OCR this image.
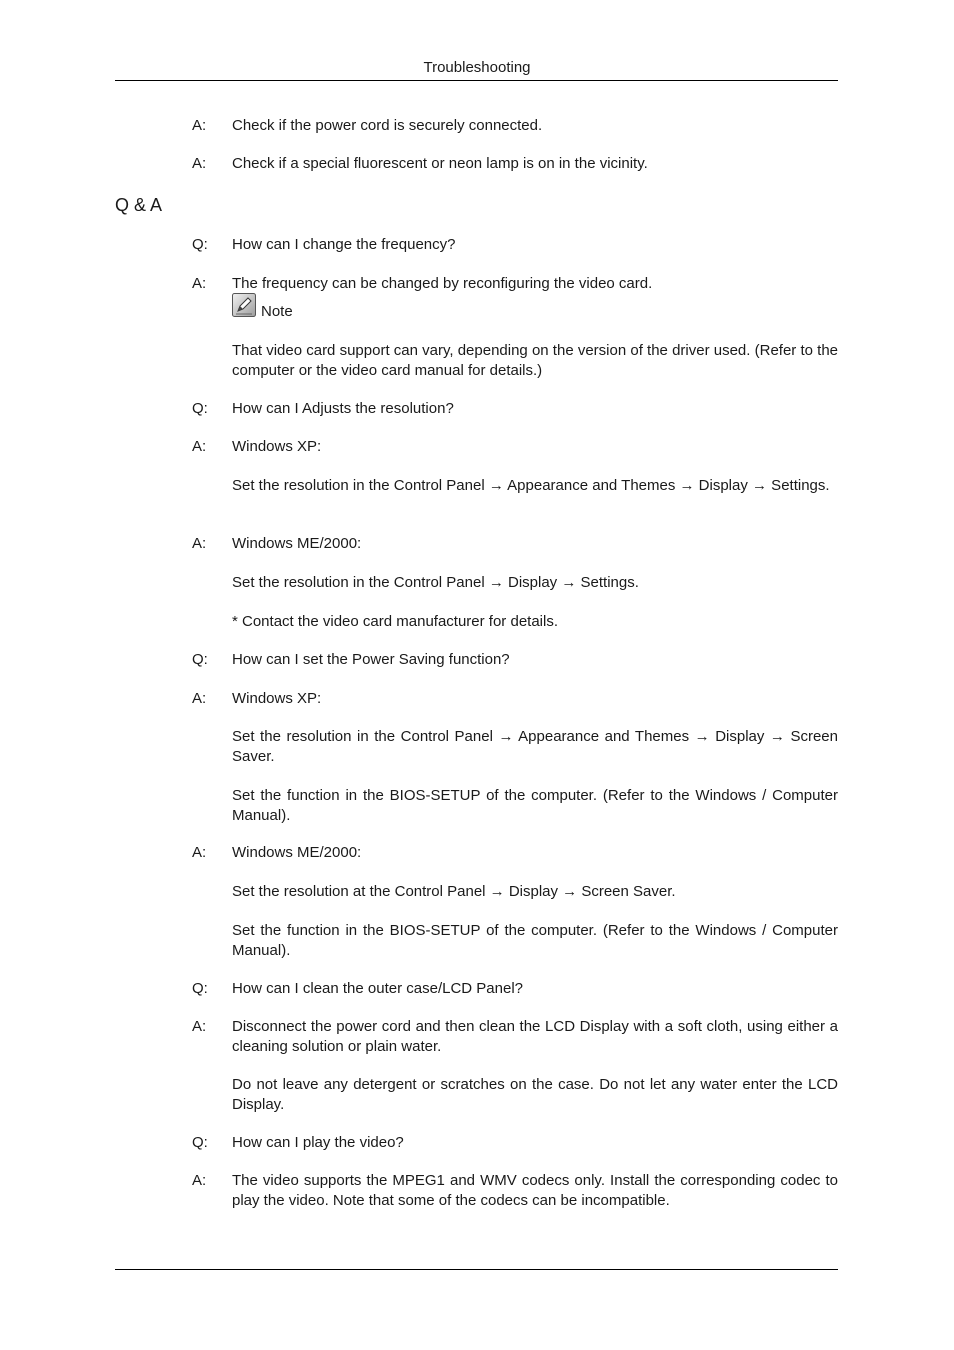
Troubleshooting
A: Check if the power cord is securely connected.
A: Check if a special fluorescent or neon lamp is on in the vicinity.
Q & A
Q: How can I change the frequency?
A: The frequency can be changed by reconfiguring the video card.
Note
That video card support can vary, depending on the version of the driver used. (Refer to the computer or the video card manual for details.)
Q: How can I Adjusts the resolution?
A: Windows XP:
Set the resolution in the Control Panel → Appearance and Themes → Display → Settings.
A: Windows ME/2000:
Set the resolution in the Control Panel → Display → Settings.
* Contact the video card manufacturer for details.
Q: How can I set the Power Saving function?
A: Windows XP:
Set the resolution in the Control Panel → Appearance and Themes → Display → Screen Saver.
Set the function in the BIOS-SETUP of the computer. (Refer to the Windows / Computer Manual).
A: Windows ME/2000:
Set the resolution at the Control Panel → Display → Screen Saver.
Set the function in the BIOS-SETUP of the computer. (Refer to the Windows / Computer Manual).
Q: How can I clean the outer case/LCD Panel?
A: Disconnect the power cord and then clean the LCD Display with a soft cloth, using either a cleaning solution or plain water.
Do not leave any detergent or scratches on the case. Do not let any water enter the LCD Display.
Q: How can I play the video?
A: The video supports the MPEG1 and WMV codecs only. Install the corresponding codec to play the video. Note that some of the codecs can be incompatible.
